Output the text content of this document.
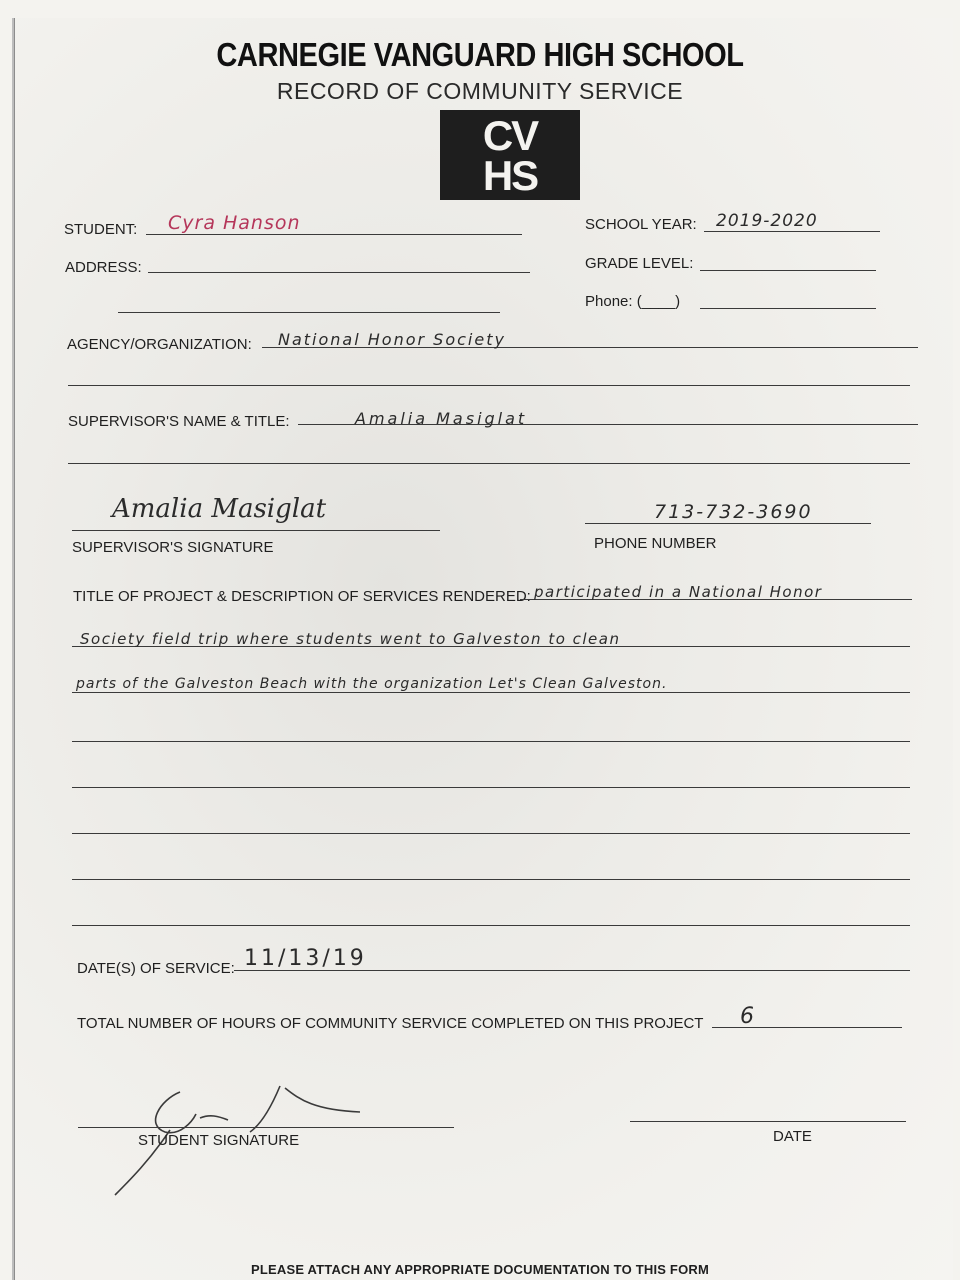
CARNEGIE VANGUARD HIGH SCHOOL
RECORD OF COMMUNITY SERVICE
CV
HS
STUDENT: Cyra Hanson	SCHOOL YEAR: 2019-2020
ADDRESS:	GRADE LEVEL:
Phone: (____)
AGENCY/ORGANIZATION: National Honor Society
SUPERVISOR'S NAME & TITLE:	Amalia Masiglat
Amalia Masiglat
SUPERVISOR'S SIGNATURE
713-732-3690
PHONE NUMBER
TITLE OF PROJECT & DESCRIPTION OF SERVICES RENDERED: participated in a National Honor
Society field trip where students went to Galveston to clean
parts of the Galveston Beach with the organization Let's Clean Galveston.
DATE(S) OF SERVICE: 11/13/19
TOTAL NUMBER OF HOURS OF COMMUNITY SERVICE COMPLETED ON THIS PROJECT 6
STUDENT SIGNATURE	DATE
PLEASE ATTACH ANY APPROPRIATE DOCUMENTATION TO THIS FORM
